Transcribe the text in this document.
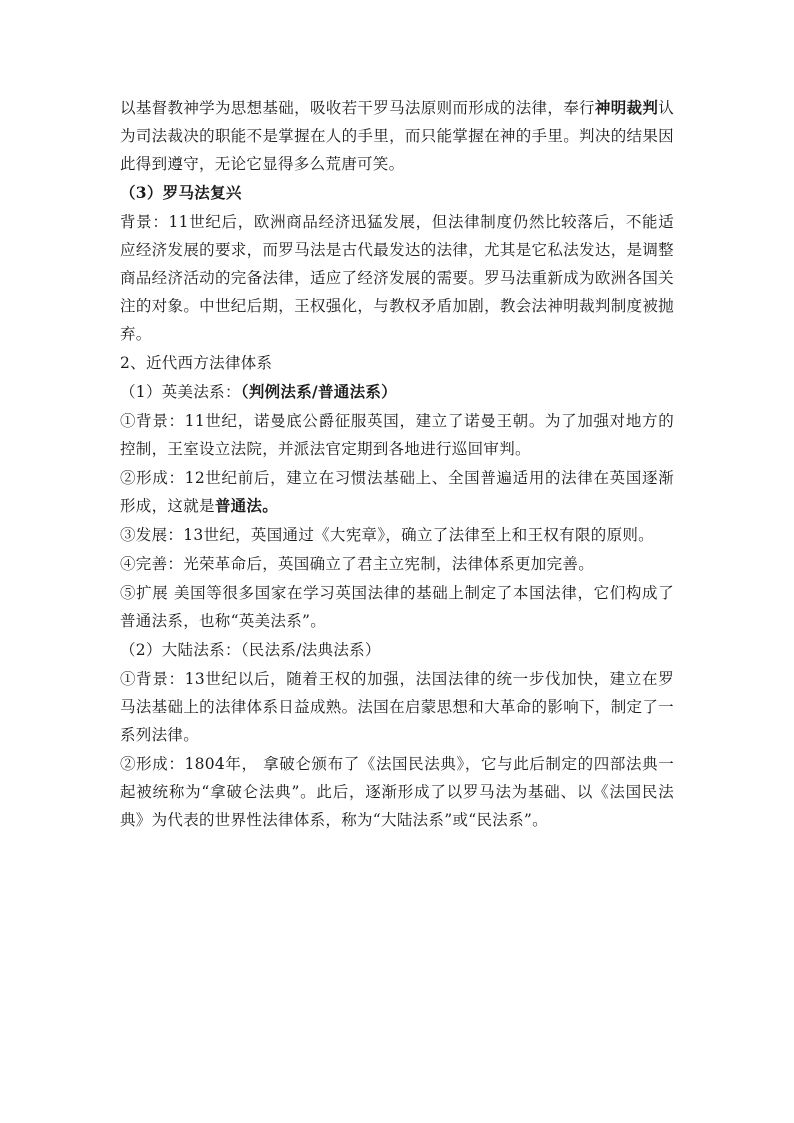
以基督教神学为思想基础，吸收若干罗马法原则而形成的法律，奉行神明裁判认为司法裁决的职能不是掌握在人的手里，而只能掌握在神的手里。判决的结果因此得到遵守，无论它显得多么荒唐可笑。

（3）罗马法复兴

背景：11世纪后，欧洲商品经济迅猛发展，但法律制度仍然比较落后，不能适应经济发展的要求，而罗马法是古代最发达的法律，尤其是它私法发达，是调整商品经济活动的完备法律，适应了经济发展的需要。罗马法重新成为欧洲各国关注的对象。中世纪后期，王权强化，与教权矛盾加剧，教会法神明裁判制度被抛弃。

2、近代西方法律体系

（1）英美法系：（判例法系/普通法系）

①背景：11世纪，诺曼底公爵征服英国，建立了诺曼王朝。为了加强对地方的控制，王室设立法院，并派法官定期到各地进行巡回审判。

②形成：12世纪前后，建立在习惯法基础上、全国普遍适用的法律在英国逐渐形成，这就是普通法。

③发展：13世纪，英国通过《大宪章》，确立了法律至上和王权有限的原则。

④完善：光荣革命后，英国确立了君主立宪制，法律体系更加完善。

⑤扩展 美国等很多国家在学习英国法律的基础上制定了本国法律，它们构成了普通法系，也称“英美法系”。

（2）大陆法系：（民法系/法典法系）

①背景：13世纪以后，随着王权的加强，法国法律的统一步伐加快，建立在罗马法基础上的法律体系日益成熟。法国在启蒙思想和大革命的影响下，制定了一系列法律。

②形成：1804年， 拿破仑颁布了《法国民法典》，它与此后制定的四部法典一起被统称为“拿破仑法典”。此后，逐渐形成了以罗马法为基础、以《法国民法典》为代表的世界性法律体系，称为“大陆法系”或“民法系”。
